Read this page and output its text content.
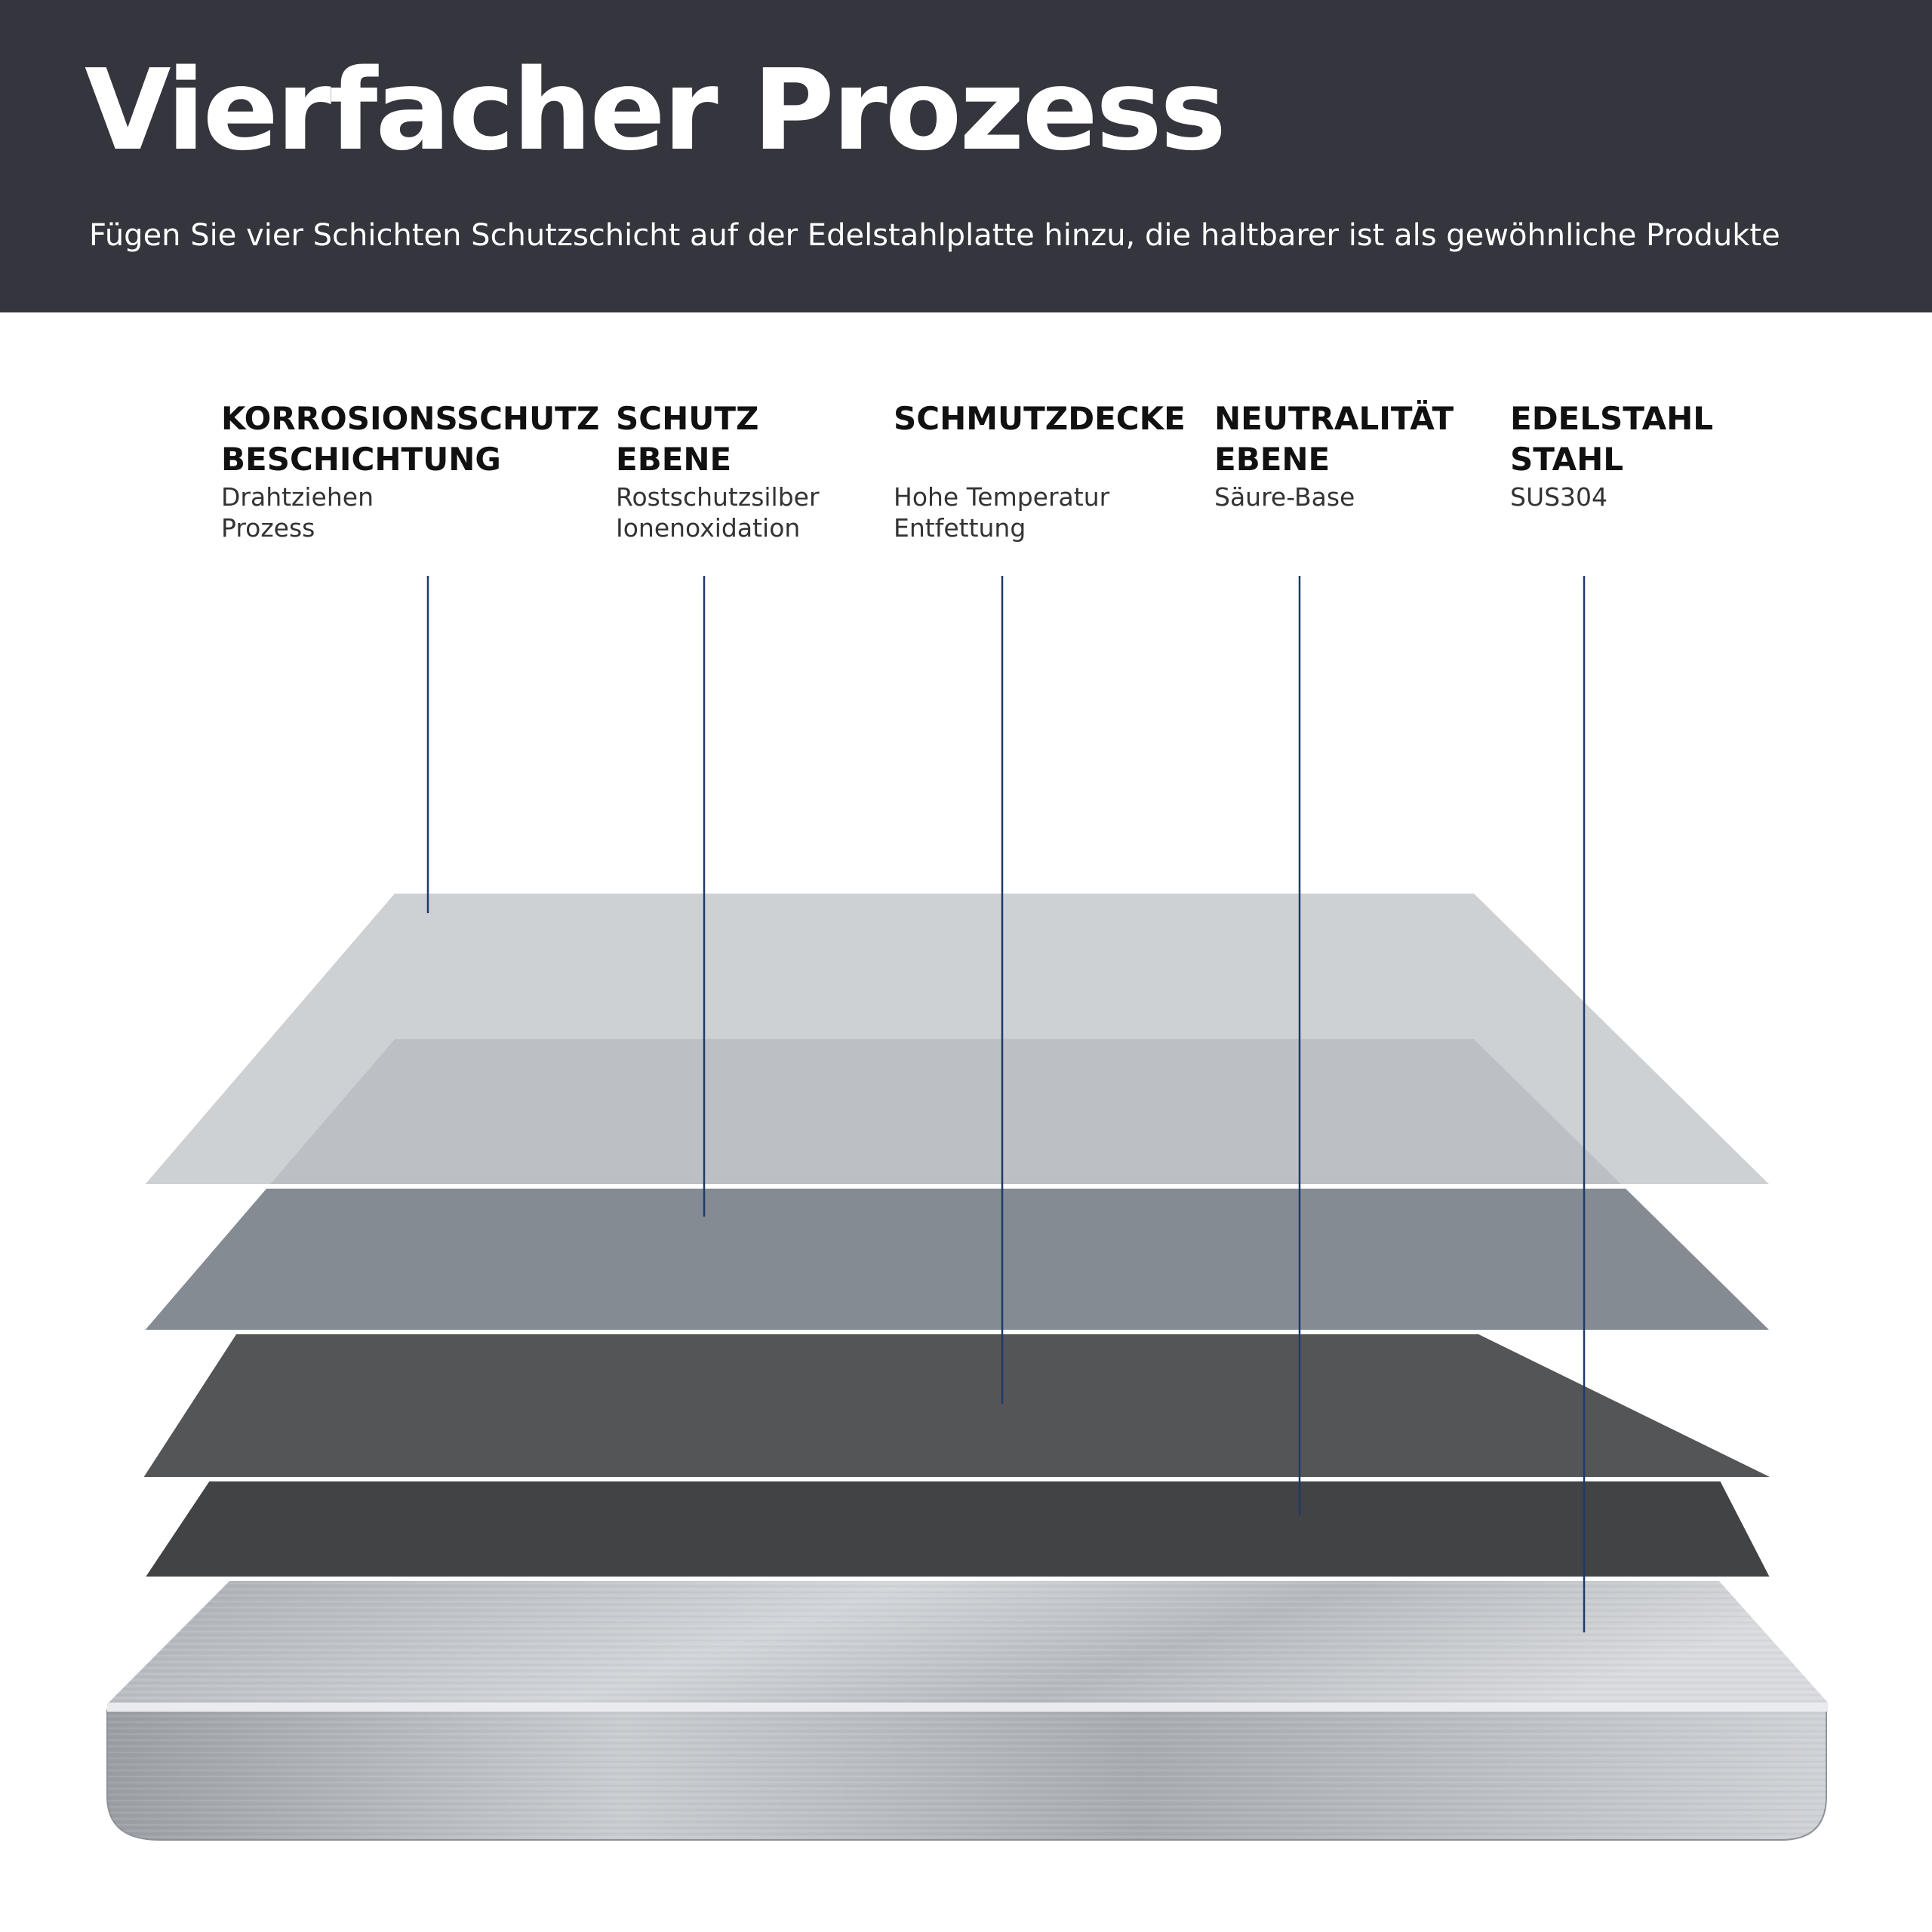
Vierfacher Prozess

Fügen Sie vier Schichten Schutzschicht auf der Edelstahlplatte hinzu, die haltbarer ist als gewöhnliche Produkte

KORROSIONSSCHUTZ
BESCHICHTUNG
Drahtziehen
Prozess
SCHUTZ
EBENE
Rostschutzsilber
Ionenoxidation
SCHMUTZDECKE

Hohe Temperatur
Entfettung
NEUTRALITÄT
EBENE
Säure-Base
EDELSTAHL
STAHL
SUS304
